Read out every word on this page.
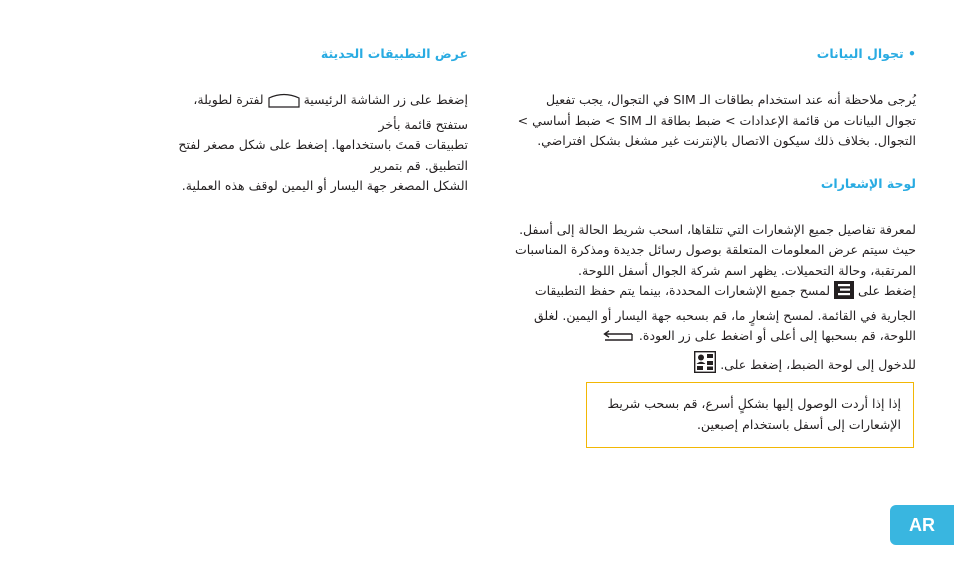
• تجوال البيانات

يُرجى ملاحظة أنه عند استخدام بطاقات الـ SIM في التجوال، يجب تفعيل

تجوال البيانات من قائمة الإعدادات > ضبط بطاقة الـ SIM > ضبط أساسي >

التجوال. بخلاف ذلك سيكون الاتصال بالإنترنت غير مشغل بشكل افتراضي.

لوحة الإشعارات

لمعرفة تفاصيل جميع الإشعارات التي تتلقاها، اسحب شريط الحالة إلى أسفل.

حيث سيتم عرض المعلومات المتعلقة بوصول رسائل جديدة ومذكرة المناسبات

المرتقبة، وحالة التحميلات. يظهر اسم شركة الجوال أسفل اللوحة.

إضغط على  لمسح جميع الإشعارات المحددة، بينما يتم حفظ التطبيقات

الجارية في القائمة. لمسح إشعارٍ ما، قم بسحبه جهة اليسار أو اليمين. لغلق

اللوحة، قم بسحبها إلى أعلى أو اضغط على زر العودة.

للدخول إلى لوحة الضبط، إضغط على.

إذا إذا أردت الوصول إليها بشكلٍ أسرع، قم بسحب شريط
الإشعارات إلى أسفل باستخدام إصبعين.

عرض التطبيقات الحديثة

إضغط على زر الشاشة الرئيسية  لفترة لطويلة، ستفتح قائمة بأخر

تطبيقات قمتَ باستخدامها. إضغط على شكل مصغر لفتح التطبيق. قم بتمرير

الشكل المصغر جهة اليسار أو اليمين لوقف هذه العملية.

AR
